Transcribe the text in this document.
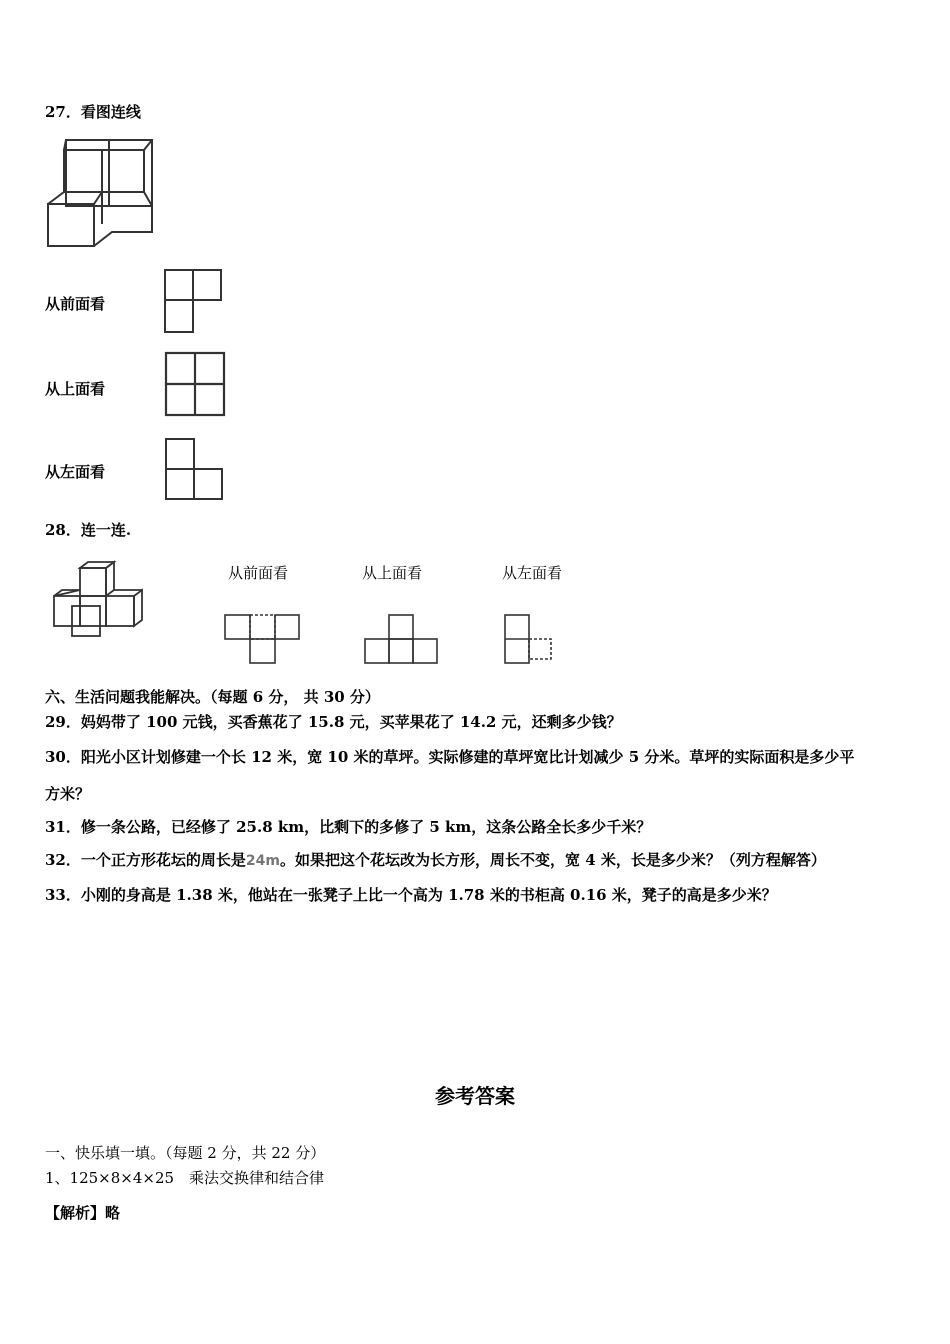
27．看图连线
从前面看
从上面看
从左面看
28．连一连.
从前面看	从上面看	从左面看
六、生活问题我能解决。（每题 6 分， 共 30 分）
29．妈妈带了 100 元钱，买香蕉花了 15.8 元，买苹果花了 14.2 元，还剩多少钱？
30．阳光小区计划修建一个长 12 米，宽 10 米的草坪。实际修建的草坪宽比计划减少 5 分米。草坪的实际面积是多少平
方米？
31．修一条公路，已经修了 25.8 km，比剩下的多修了 5 km，这条公路全长多少千米？
32．一个正方形花坛的周长是24m。如果把这个花坛改为长方形，周长不变，宽 4 米，长是多少米？（列方程解答）
33．小刚的身高是 1.38 米，他站在一张凳子上比一个高为 1.78 米的书柜高 0.16 米，凳子的高是多少米？
参考答案
一、快乐填一填。（每题 2 分，共 22 分）
1、125×8×4×25　乘法交换律和结合律
【解析】略
